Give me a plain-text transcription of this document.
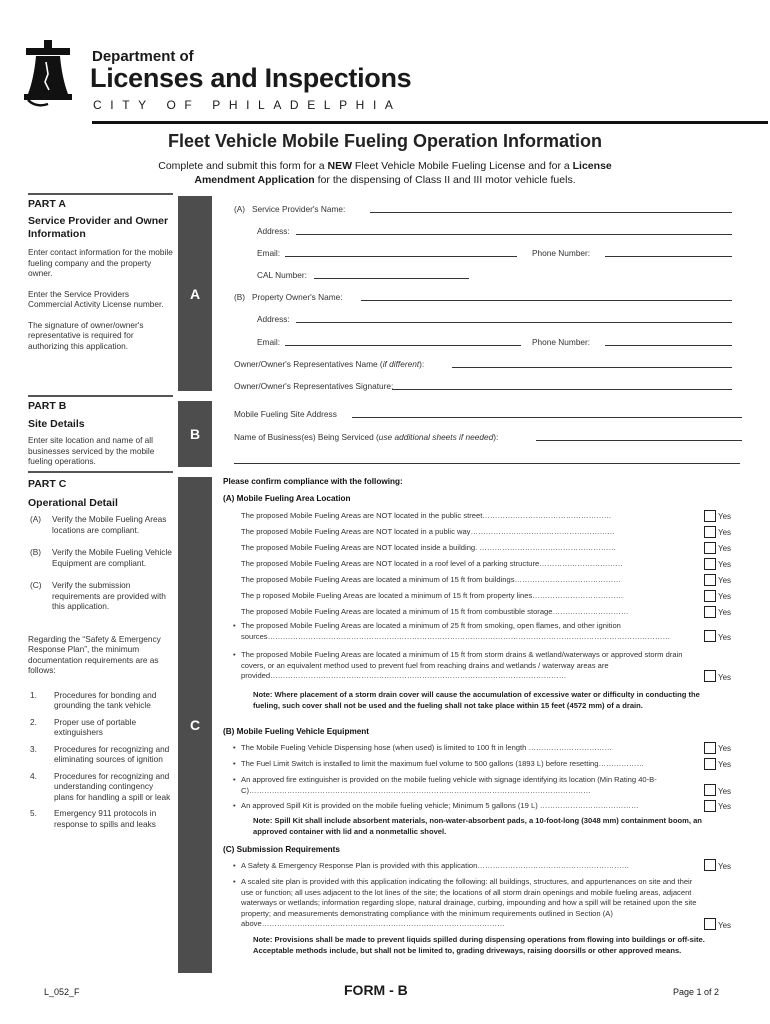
Department of
Licenses and Inspections
CITY OF PHILADELPHIA
Fleet Vehicle Mobile Fueling Operation Information
Complete and submit this form for a NEW Fleet Vehicle Mobile Fueling License and for a License
Amendment Application for the dispensing of Class II and III motor vehicle fuels.
PART A
Service Provider and Owner Information
Enter contact information for the mobile fueling company and the property owner.
Enter the Service Providers Commercial Activity License number.
The signature of owner/owner's representative is required for authorizing this application.
A
(A) Service Provider's Name:
Address:
Email:	Phone Number:
CAL Number:
(B) Property Owner's Name:
Address:
Email:	Phone Number:
Owner/Owner's Representatives Name (if different):
Owner/Owner's Representatives Signature:
PART B
Site Details
Enter site location and name of all businesses serviced by the mobile fueling operations.
B
Mobile Fueling Site Address
Name of Business(es) Being Serviced (use additional sheets if needed):
PART C
Operational Detail
(A) Verify the Mobile Fueling Areas locations are compliant.
(B) Verify the Mobile Fueling Vehicle Equipment are compliant.
(C) Verify the submission requirements are provided with this application.
Regarding the “Safety & Emergency Response Plan”, the minimum documentation requirements are as follows:
1. Procedures for bonding and grounding the tank vehicle
2. Proper use of portable extinguishers
3. Procedures for recognizing and eliminating sources of ignition
4. Procedures for recognizing and understanding contingency plans for handling a spill or leak
5. Emergency 911 protocols in response to spills and leaks
C
Please confirm compliance with the following:
(A) Mobile Fueling Area Location
• The proposed Mobile Fueling Areas are NOT located in the public street……………………………………………	Yes
• The proposed Mobile Fueling Areas are NOT located in a public way…………………………………………………	Yes
• The proposed Mobile Fueling Areas are NOT located inside a building. ………………………………………………	Yes
• The proposed Mobile Fueling Areas are NOT located in a roof level of a parking structure……………………………	Yes
• The proposed Mobile Fueling Areas are located a minimum of 15 ft from buildings……………………………………	Yes
• The p roposed Mobile Fueling Areas are located a minimum of 15 ft from property lines………………………………	Yes
• The proposed Mobile Fueling Areas are located a minimum of 15 ft from combustible storage…………………………	Yes
• The proposed Mobile Fueling Areas are located a minimum of 25 ft from smoking, open flames, and other ignition sources……………………………………………………………………………………………………………………………………………	Yes
• The proposed Mobile Fueling Areas are located a minimum of 15 ft from storm drains & wetland/waterways or approved storm drain covers, or an equivalent method used to prevent fuel from reaching drains and wetlands / waterway areas are provided………………………………………………………………………………………………………	Yes
Note: Where placement of a storm drain cover will cause the accumulation of excessive water or difficulty in conducting the fueling, such cover shall not be used and the fueling shall not take place within 15 feet (4572 mm) of a drain.
(B) Mobile Fueling Vehicle Equipment
• The Mobile Fueling Vehicle Dispensing hose (when used) is limited to 100 ft in length ……………………………	Yes
• The Fuel Limit Switch is installed to limit the maximum fuel volume to 500 gallons (1893 L) before resetting………………	Yes
• An approved fire extinguisher is provided on the mobile fueling vehicle with signage identifying its location (Min Rating 40-B-C)………………………………………………………………………………………………………………………	Yes
• An approved Spill Kit is provided on the mobile fueling vehicle; Minimum 5 gallons (19 L) …………………………………	Yes
Note: Spill Kit shall include absorbent materials, non-water-absorbent pads, a 10-foot-long (3048 mm) containment boom, an approved container with lid and a nonmetallic shovel.
(C) Submission Requirements
• A Safety & Emergency Response Plan is provided with this application……………………………………………………	Yes
• A scaled site plan is provided with this application indicating the following: all buildings, structures, and appurtenances on site and their use or function; all uses adjacent to the lot lines of the site; the locations of all storm drain openings and mobile fueling areas, adjacent waterways or wetlands; information regarding slope, natural drainage, curbing, impounding and how a spill will be retained upon the site property; and measurements demonstrating compliance with the minimum requirements outlined in Section (A) above……………………………………………………………………………………	Yes
Note: Provisions shall be made to prevent liquids spilled during dispensing operations from flowing into buildings or off-site. Acceptable methods include, but shall not be limited to, grading driveways, raising doorsills or other approved means.
L_052_F	FORM - B	Page 1 of 2
